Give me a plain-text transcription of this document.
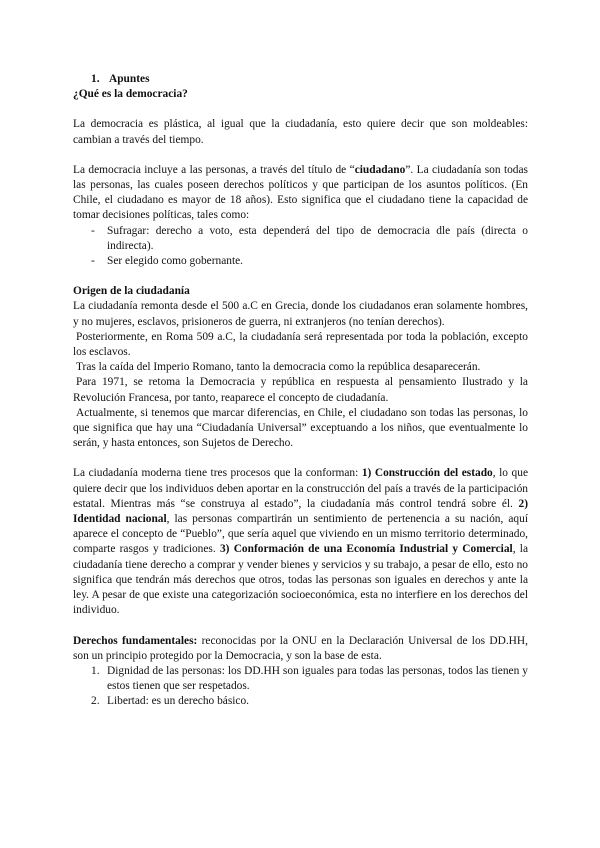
1. Apuntes

¿Qué es la democracia?

La democracia es plástica, al igual que la ciudadanía, esto quiere decir que son moldeables: cambian a través del tiempo.

La democracia incluye a las personas, a través del título de “ciudadano”. La ciudadanía son todas las personas, las cuales poseen derechos políticos y que participan de los asuntos políticos. (En Chile, el ciudadano es mayor de 18 años). Esto significa que el ciudadano tiene la capacidad de tomar decisiones políticas, tales como:

- Sufragar: derecho a voto, esta dependerá del tipo de democracia dle país (directa o indirecta).
- Ser elegido como gobernante.

Origen de la ciudadanía

La ciudadanía remonta desde el 500 a.C en Grecia, donde los ciudadanos eran solamente hombres, y no mujeres, esclavos, prisioneros de guerra, ni extranjeros (no tenían derechos).

Posteriormente, en Roma 509 a.C, la ciudadanía será representada por toda la población, excepto los esclavos.

Tras la caída del Imperio Romano, tanto la democracia como la república desaparecerán.

Para 1971, se retoma la Democracia y república en respuesta al pensamiento Ilustrado y la Revolución Francesa, por tanto, reaparece el concepto de ciudadanía.

Actualmente, si tenemos que marcar diferencias, en Chile, el ciudadano son todas las personas, lo que significa que hay una “Ciudadanía Universal” exceptuando a los niños, que eventualmente lo serán, y hasta entonces, son Sujetos de Derecho.

La ciudadanía moderna tiene tres procesos que la conforman: 1) Construcción del estado, lo que quiere decir que los individuos deben aportar en la construcción del país a través de la participación estatal. Mientras más “se construya al estado”, la ciudadanía más control tendrá sobre él. 2) Identidad nacional, las personas compartirán un sentimiento de pertenencia a su nación, aquí aparece el concepto de “Pueblo”, que sería aquel que viviendo en un mismo territorio determinado, comparte rasgos y tradiciones. 3) Conformación de una Economía Industrial y Comercial, la ciudadanía tiene derecho a comprar y vender bienes y servicios y su trabajo, a pesar de ello, esto no significa que tendrán más derechos que otros, todas las personas son iguales en derechos y ante la ley. A pesar de que existe una categorización socioeconómica, esta no interfiere en los derechos del individuo.

Derechos fundamentales: reconocidas por la ONU en la Declaración Universal de los DD.HH, son un principio protegido por la Democracia, y son la base de esta.

1. Dignidad de las personas: los DD.HH son iguales para todas las personas, todos las tienen y estos tienen que ser respetados.
2. Libertad: es un derecho básico.
